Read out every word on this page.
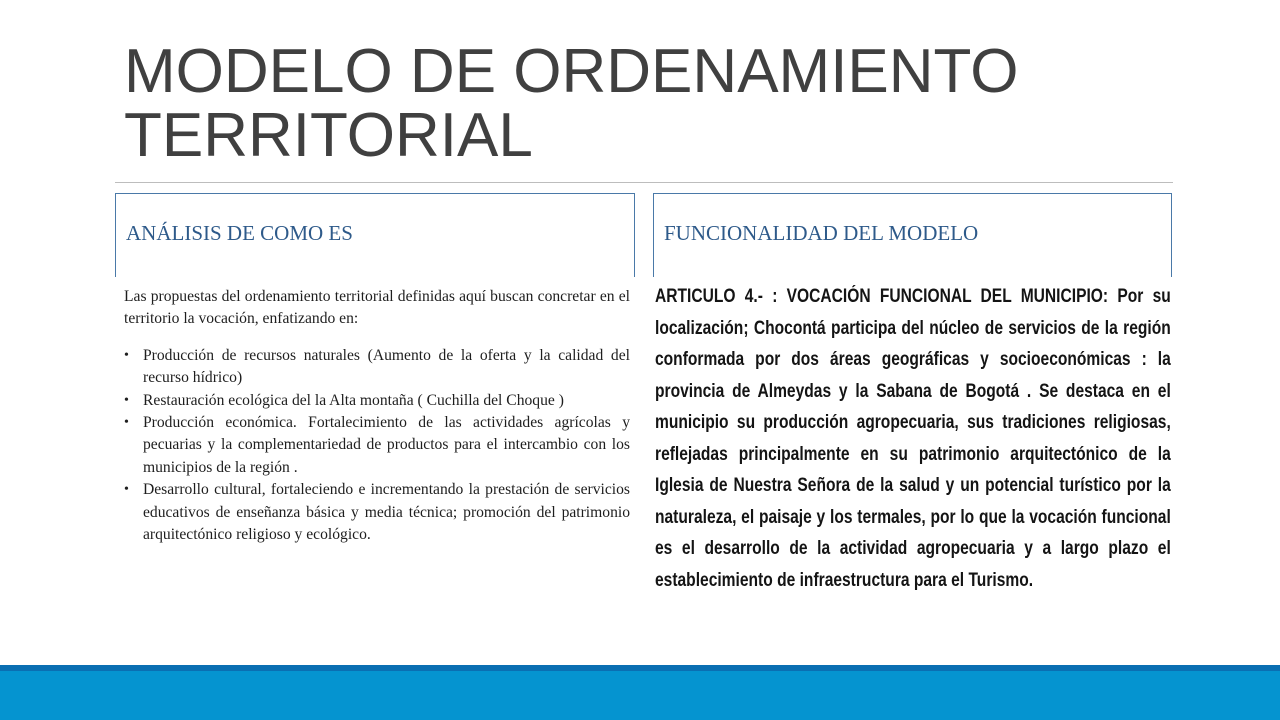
MODELO DE ORDENAMIENTO
TERRITORIAL
ANÁLISIS DE COMO ES	FUNCIONALIDAD DEL MODELO

Las propuestas del ordenamiento territorial definidas aquí buscan concretar en el territorio la vocación, enfatizando en:

• Producción de recursos naturales (Aumento de la oferta y la calidad del recurso hídrico)
• Restauración ecológica del la Alta montaña ( Cuchilla del Choque )
• Producción económica. Fortalecimiento de las actividades agrícolas y pecuarias y la complementariedad de productos para el intercambio con los municipios de la región .
• Desarrollo cultural, fortaleciendo e incrementando la prestación de servicios educativos de enseñanza básica y media técnica; promoción del patrimonio arquitectónico religioso y ecológico.
ARTICULO 4.- : VOCACIÓN FUNCIONAL DEL MUNICIPIO: Por su localización; Chocontá participa del núcleo de servicios de la región conformada por dos áreas geográficas y socioeconómicas : la provincia de Almeydas y la Sabana de Bogotá . Se destaca en el municipio su producción agropecuaria, sus tradiciones religiosas, reflejadas principalmente en su patrimonio arquitectónico de la Iglesia de Nuestra Señora de la salud y un potencial turístico por la naturaleza, el paisaje y los termales, por lo que la vocación funcional es el desarrollo de la actividad agropecuaria y a largo plazo el establecimiento de infraestructura para el Turismo.
